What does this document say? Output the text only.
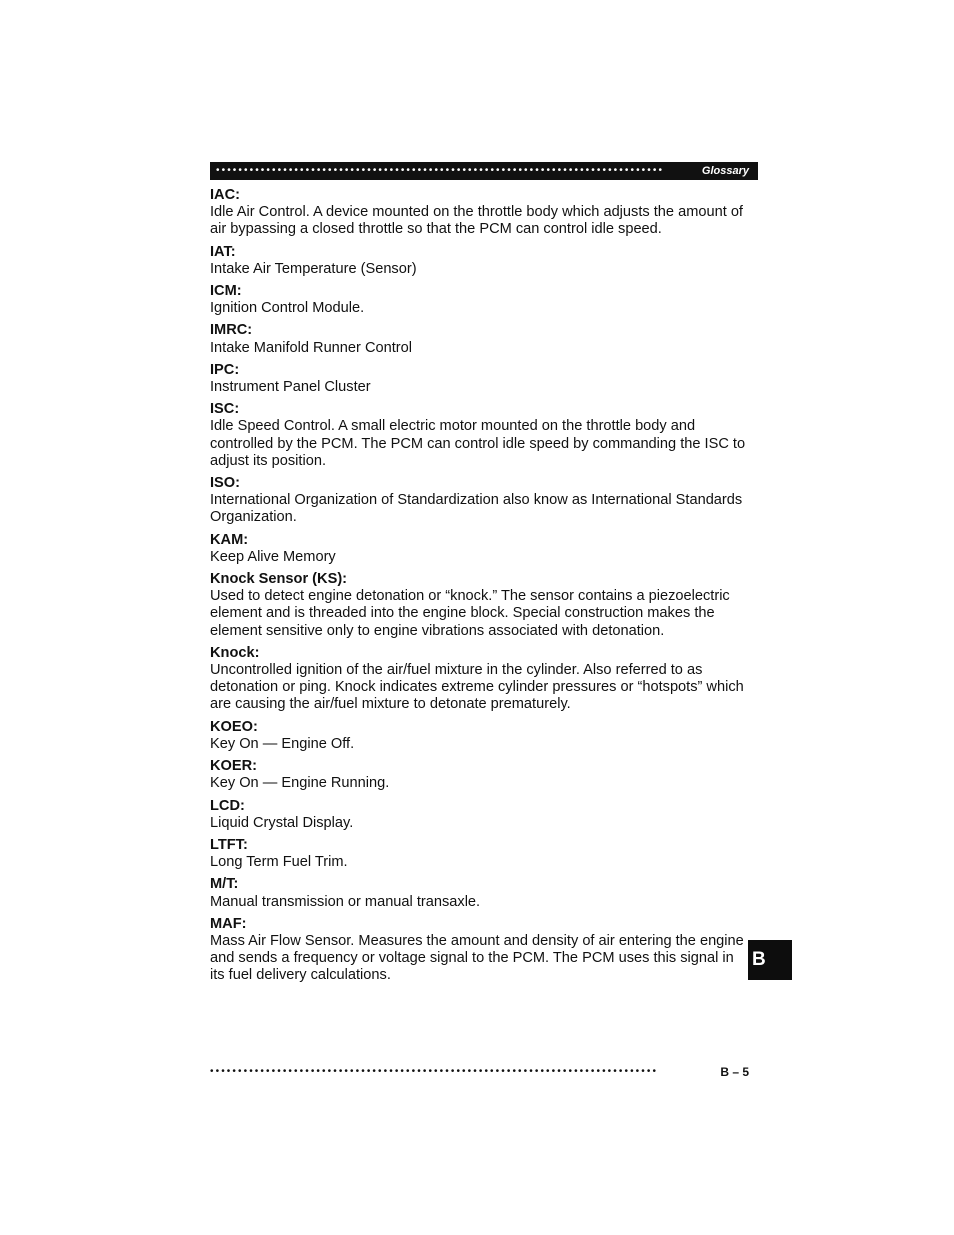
••••••••••••••••••••••••••••••••••••••••••••••••••••••••••••••••••••••••••••••••	Glossary
IAC:
Idle Air Control. A device mounted on the throttle body which adjusts the amount of air bypassing a closed throttle so that the PCM can control idle speed.
IAT:
Intake Air Temperature (Sensor)
ICM:
Ignition Control Module.
IMRC:
Intake Manifold Runner Control
IPC:
Instrument Panel Cluster
ISC:
Idle Speed Control. A small electric motor mounted on the throttle body and controlled by the PCM. The PCM can control idle speed by commanding the ISC to adjust its position.
ISO:
International Organization of Standardization also know as International Standards Organization.
KAM:
Keep Alive Memory
Knock Sensor (KS):
Used to detect engine detonation or “knock.” The sensor contains a piezoelectric element and is threaded into the engine block. Special construction makes the element sensitive only to engine vibrations associated with detonation.
Knock:
Uncontrolled ignition of the air/fuel mixture in the cylinder. Also referred to as detonation or ping. Knock indicates extreme cylinder pressures or “hotspots” which are causing the air/fuel mixture to detonate prematurely.
KOEO:
Key On — Engine Off.
KOER:
Key On — Engine Running.
LCD:
Liquid Crystal Display.
LTFT:
Long Term Fuel Trim.
M/T:
Manual transmission or manual transaxle.
MAF:
Mass Air Flow Sensor. Measures the amount and density of air entering the engine and sends a frequency or voltage signal to the PCM. The PCM uses this signal in its fuel delivery calculations.
B
••••••••••••••••••••••••••••••••••••••••••••••••••••••••••••••••••••••••••••••••	B – 5
